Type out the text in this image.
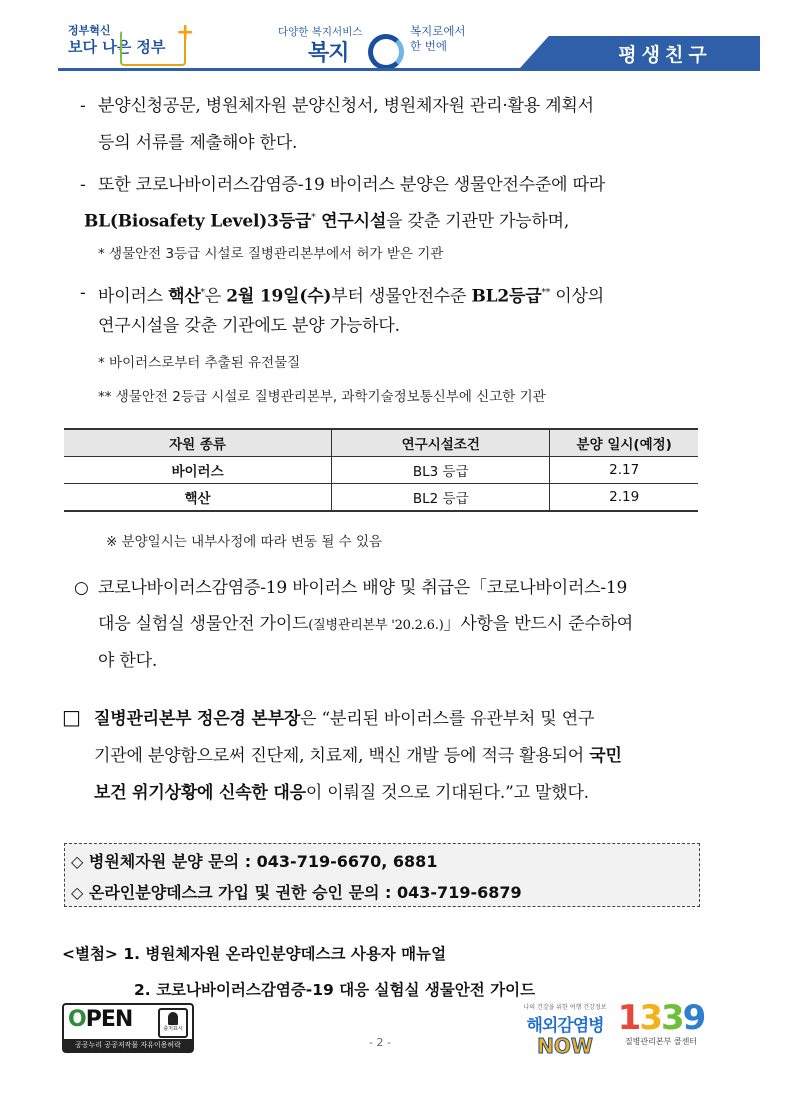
정부혁신
보다 나은 정부
+	다양한 복지서비스
복지
복지로에서
한 번에	평생친구
- 분양신청공문, 병원체자원 분양신청서, 병원체자원 관리·활용 계획서
등의 서류를 제출해야 한다.
- 또한 코로나바이러스감염증-19 바이러스 분양은 생물안전수준에 따라
BL(Biosafety Level)3등급* 연구시설을 갖춘 기관만 가능하며,
* 생물안전 3등급 시설로 질병관리본부에서 허가 받은 기관
- 바이러스 핵산*은 2월 19일(수)부터 생물안전수준 BL2등급** 이상의
연구시설을 갖춘 기관에도 분양 가능하다.
* 바이러스로부터 추출된 유전물질
** 생물안전 2등급 시설로 질병관리본부, 과학기술정보통신부에 신고한 기관
자원 종류	연구시설조건	분양 일시(예정)
바이러스	BL3 등급	2.17
핵산	BL2 등급	2.19
※ 분양일시는 내부사정에 따라 변동 될 수 있음
○ 코로나바이러스감염증-19 바이러스 배양 및 취급은「코로나바이러스-19
대응 실험실 생물안전 가이드(질병관리본부 '20.2.6.)」사항을 반드시 준수하여
야 한다.
□ 질병관리본부 정은경 본부장은 “분리된 바이러스를 유관부처 및 연구
기관에 분양함으로써 진단제, 치료제, 백신 개발 등에 적극 활용되어 국민
보건 위기상황에 신속한 대응이 이뤄질 것으로 기대된다.”고 말했다.
◇ 병원체자원 분양 문의 : 043-719-6670, 6881
◇ 온라인분양데스크 가입 및 권한 승인 문의 : 043-719-6879
<별첨> 1. 병원체자원 온라인분양데스크 사용자 매뉴얼
2. 코로나바이러스감염증-19 대응 실험실 생물안전 가이드
OPEN	출처표시
공공누리 공공저작물 자유이용허락	- 2 -
나의 건강을 위한 여행 건강정보
해외감염병
NOW
1339
질병관리본부 콜센터
